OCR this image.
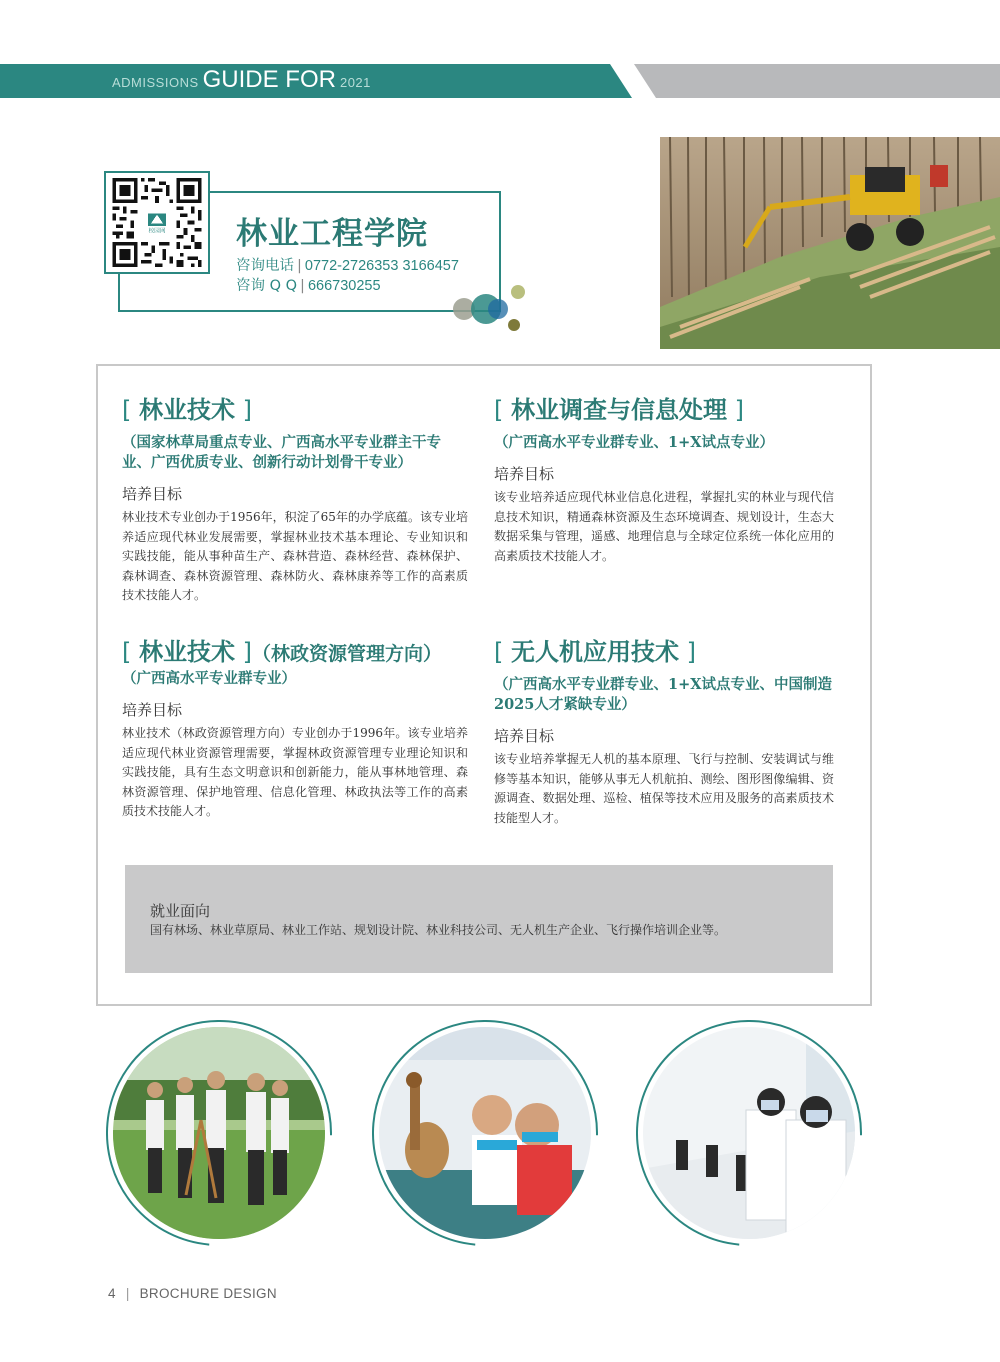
ADMISSIONS GUIDE FOR 2021
校园网 林业工程学院
咨询电话 | 0772-2726353 3166457
咨询 Q Q | 666730255
[ 林业技术 ]
（国家林草局重点专业、广西高水平专业群主干专业、广西优质专业、创新行动计划骨干专业）
培养目标
林业技术专业创办于1956年，积淀了65年的办学底蕴。该专业培养适应现代林业发展需要，掌握林业技术基本理论、专业知识和实践技能，能从事种苗生产、森林营造、森林经营、森林保护、森林调查、森林资源管理、森林防火、森林康养等工作的高素质技术技能人才。
[ 林业调查与信息处理 ]
（广西高水平专业群专业、1+X试点专业）
培养目标
该专业培养适应现代林业信息化进程，掌握扎实的林业与现代信息技术知识，精通森林资源及生态环境调查、规划设计，生态大数据采集与管理，遥感、地理信息与全球定位系统一体化应用的高素质技术技能人才。
[ 林业技术 ]（林政资源管理方向）
（广西高水平专业群专业）
培养目标
林业技术（林政资源管理方向）专业创办于1996年。该专业培养适应现代林业资源管理需要，掌握林政资源管理专业理论知识和实践技能，具有生态文明意识和创新能力，能从事林地管理、森林资源管理、保护地管理、信息化管理、林政执法等工作的高素质技术技能人才。
[ 无人机应用技术 ]
（广西高水平专业群专业、1+X试点专业、中国制造2025人才紧缺专业）
培养目标
该专业培养掌握无人机的基本原理、飞行与控制、安装调试与维修等基本知识，能够从事无人机航拍、测绘、图形图像编辑、资源调查、数据处理、巡检、植保等技术应用及服务的高素质技术技能型人才。
就业面向
国有林场、林业草原局、林业工作站、规划设计院、林业科技公司、无人机生产企业、飞行操作培训企业等。
4 | BROCHURE DESIGN
